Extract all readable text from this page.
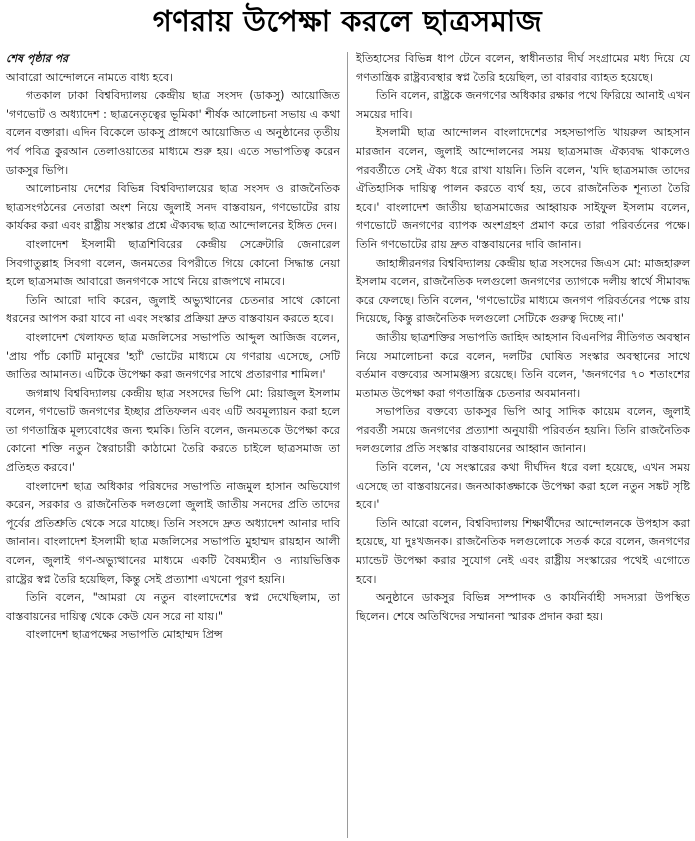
গণরায় উপেক্ষা করলে ছাত্রসমাজ

শেষ পৃষ্ঠার পর

আবারো আন্দোলনে নামতে বাধ্য হবে।

গতকাল ঢাকা বিশ্ববিদ্যালয় কেন্দ্রীয় ছাত্র সংসদ (ডাকসু) আয়োজিত 'গণভোট ও অধ্যাদেশ : ছাত্রনেতৃত্বের ভূমিকা' শীর্ষক আলোচনা সভায় এ কথা বলেন বক্তারা। এদিন বিকেলে ডাকসু প্রাঙ্গণে আয়োজিত এ অনুষ্ঠানের তৃতীয় পর্ব পবিত্র কুরআন তেলাওয়াতের মাধ্যমে শুরু হয়। এতে সভাপতিত্ব করেন ডাকসুর ভিপি।

আলোচনায় দেশের বিভিন্ন বিশ্ববিদ্যালয়ের ছাত্র সংসদ ও রাজনৈতিক ছাত্রসংগঠনের নেতারা অংশ নিয়ে জুলাই সনদ বাস্তবায়ন, গণভোটের রায় কার্যকর করা এবং রাষ্ট্রীয় সংস্কার প্রশ্নে ঐক্যবদ্ধ ছাত্র আন্দোলনের ইঙ্গিত দেন।

বাংলাদেশ ইসলামী ছাত্রশিবিরের কেন্দ্রীয় সেক্রেটারি জেনারেল সিবগাতুল্লাহ সিবগা বলেন, জনমতের বিপরীতে গিয়ে কোনো সিদ্ধান্ত নেয়া হলে ছাত্রসমাজ আবারো জনগণকে সাথে নিয়ে রাজপথে নামবে।

তিনি আরো দাবি করেন, জুলাই অভ্যুত্থানের চেতনার সাথে কোনো ধরনের আপস করা যাবে না এবং সংস্কার প্রক্রিয়া দ্রুত বাস্তবায়ন করতে হবে।

বাংলাদেশ খেলাফত ছাত্র মজলিসের সভাপতি আব্দুল আজিজ বলেন, 'প্রায় পাঁচ কোটি মানুষের 'হ্যাঁ' ভোটের মাধ্যমে যে গণরায় এসেছে, সেটি জাতির আমানত। এটিকে উপেক্ষা করা জনগণের সাথে প্রতারণার শামিল।'

জগন্নাথ বিশ্ববিদ্যালয় কেন্দ্রীয় ছাত্র সংসদের ভিপি মো: রিয়াজুল ইসলাম বলেন, গণভোট জনগণের ইচ্ছার প্রতিফলন এবং এটি অবমূল্যায়ন করা হলে তা গণতান্ত্রিক মূল্যবোধের জন্য হুমকি। তিনি বলেন, জনমতকে উপেক্ষা করে কোনো শক্তি নতুন স্বৈরাচারী কাঠামো তৈরি করতে চাইলে ছাত্রসমাজ তা প্রতিহত করবে।'

বাংলাদেশ ছাত্র অধিকার পরিষদের সভাপতি নাজমুল হাসান অভিযোগ করেন, সরকার ও রাজনৈতিক দলগুলো জুলাই জাতীয় সনদের প্রতি তাদের পূর্বের প্রতিশ্রুতি থেকে সরে যাচ্ছে। তিনি সংসদে দ্রুত অধ্যাদেশ আনার দাবি জানান। বাংলাদেশ ইসলামী ছাত্র মজলিসের সভাপতি মুহাম্মদ রায়হান আলী বলেন, জুলাই গণ-অভ্যুত্থানের মাধ্যমে একটি বৈষম্যহীন ও ন্যায়ভিত্তিক রাষ্ট্রের স্বপ্ন তৈরি হয়েছিল, কিন্তু সেই প্রত্যাশা এখনো পূরণ হয়নি।

তিনি বলেন, "আমরা যে নতুন বাংলাদেশের স্বপ্ন দেখেছিলাম, তা বাস্তবায়নের দায়িত্ব থেকে কেউ যেন সরে না যায়।"

বাংলাদেশ ছাত্রপক্ষের সভাপতি মোহাম্মদ প্রিন্স

ইতিহাসের বিভিন্ন ধাপ টেনে বলেন, স্বাধীনতার দীর্ঘ সংগ্রামের মধ্য দিয়ে যে গণতান্ত্রিক রাষ্ট্রব্যবস্থার স্বপ্ন তৈরি হয়েছিল, তা বারবার ব্যাহত হয়েছে।

তিনি বলেন, রাষ্ট্রকে জনগণের অধিকার রক্ষার পথে ফিরিয়ে আনাই এখন সময়ের দাবি।

ইসলামী ছাত্র আন্দোলন বাংলাদেশের সহসভাপতি খায়রুল আহসান মারজান বলেন, জুলাই আন্দোলনের সময় ছাত্রসমাজ ঐক্যবদ্ধ থাকলেও পরবর্তীতে সেই ঐক্য ধরে রাখা যায়নি। তিনি বলেন, 'যদি ছাত্রসমাজ তাদের ঐতিহাসিক দায়িত্ব পালন করতে ব্যর্থ হয়, তবে রাজনৈতিক শূন্যতা তৈরি হবে।' বাংলাদেশ জাতীয় ছাত্রসমাজের আহ্বায়ক সাইফুল ইসলাম বলেন, গণভোটে জনগণের ব্যাপক অংশগ্রহণ প্রমাণ করে তারা পরিবর্তনের পক্ষে। তিনি গণভোটের রায় দ্রুত বাস্তবায়নের দাবি জানান।

জাহাঙ্গীরনগর বিশ্ববিদ্যালয় কেন্দ্রীয় ছাত্র সংসদের জিএস মো: মাজহারুল ইসলাম বলেন, রাজনৈতিক দলগুলো জনগণের ত্যাগকে দলীয় স্বার্থে সীমাবদ্ধ করে ফেলছে। তিনি বলেন, 'গণভোটের মাধ্যমে জনগণ পরিবর্তনের পক্ষে রায় দিয়েছে, কিন্তু রাজনৈতিক দলগুলো সেটিকে গুরুত্ব দিচ্ছে না।'

জাতীয় ছাত্রশক্তির সভাপতি জাহিদ আহসান বিএনপির নীতিগত অবস্থান নিয়ে সমালোচনা করে বলেন, দলটির ঘোষিত সংস্কার অবস্থানের সাথে বর্তমান বক্তব্যের অসামঞ্জস্য রয়েছে। তিনি বলেন, 'জনগণের ৭০ শতাংশের মতামত উপেক্ষা করা গণতান্ত্রিক চেতনার অবমাননা।

সভাপতির বক্তব্যে ডাকসুর ভিপি আবু সাদিক কায়েম বলেন, জুলাই পরবর্তী সময়ে জনগণের প্রত্যাশা অনুযায়ী পরিবর্তন হয়নি। তিনি রাজনৈতিক দলগুলোর প্রতি সংস্কার বাস্তবায়নের আহ্বান জানান।

তিনি বলেন, 'যে সংস্কারের কথা দীর্ঘদিন ধরে বলা হয়েছে, এখন সময় এসেছে তা বাস্তবায়নের। জনআকাঙ্ক্ষাকে উপেক্ষা করা হলে নতুন সঙ্কট সৃষ্টি হবে।'

তিনি আরো বলেন, বিশ্ববিদ্যালয় শিক্ষার্থীদের আন্দোলনকে উপহাস করা হয়েছে, যা দুঃখজনক। রাজনৈতিক দলগুলোকে সতর্ক করে বলেন, জনগণের ম্যান্ডেট উপেক্ষা করার সুযোগ নেই এবং রাষ্ট্রীয় সংস্কারের পথেই এগোতে হবে।

অনুষ্ঠানে ডাকসুর বিভিন্ন সম্পাদক ও কার্যনির্বাহী সদস্যরা উপস্থিত ছিলেন। শেষে অতিথিদের সম্মাননা স্মারক প্রদান করা হয়।
